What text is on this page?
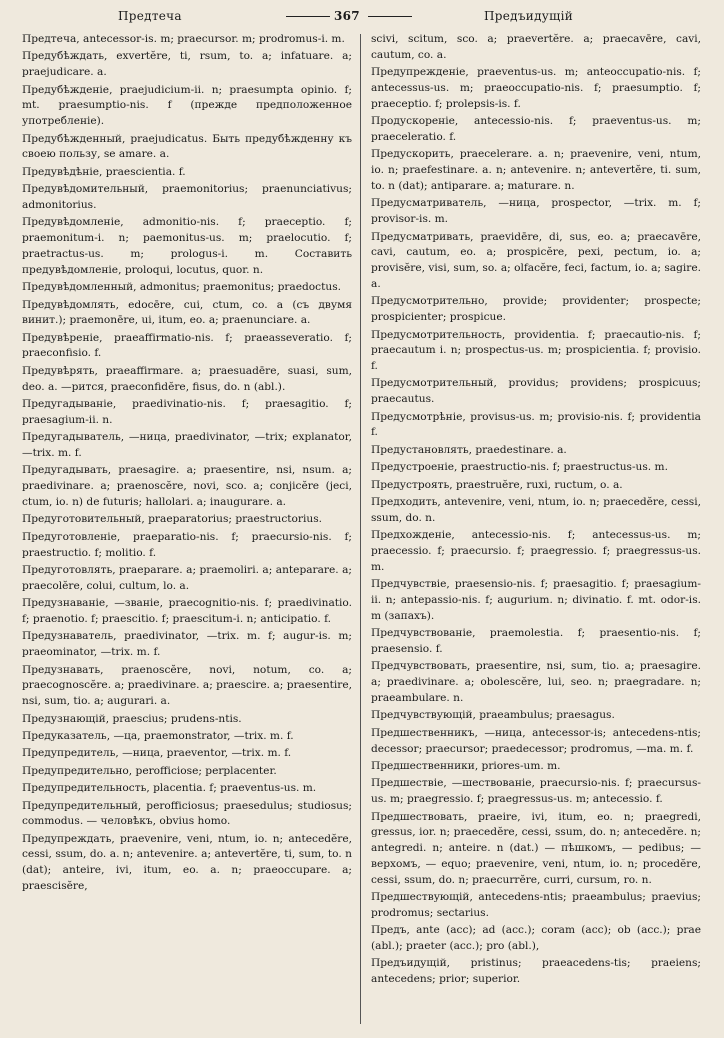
Предтеча	367	Предъидущій
Предтеча, antecessor-is. m; praecursor. m; prodromus-i. m.
Предубѣждать, exvertĕre, ti, rsum, to. a; infatuare. a; praejudicare. a.
Предубѣжденіе, praejudicium-ii. n; praesumpta opinio. f; mt. praesumptio-nis. f (прежде предположенное употребленіе).
Предубѣжденный, praejudicatus. Быть предубѣжденну къ своею пользу, se amare. a.
Предувѣдѣніе, praescientia. f.
Предувѣдомительный, praemonitorius; praenunciativus; admonitorius.
Предувѣдомленіе, admonitio-nis. f; praeceptio. f; praemonitum-i. n; paemonitus-us. m; praelocutio. f; praetractus-us. m; prologus-i. m. Составить предувѣдомленіе, proloqui, locutus, quor. n.
Предувѣдомленный, admonitus; praemonitus; praedoctus.
Предувѣдомлять, edocēre, cui, ctum, co. a (съ двумя винит.); praemonēre, ui, itum, eo. a; praenunciare. a.
Предувѣреніе, praeaffirmatio-nis. f; praeasseveratio. f; praeconfisio. f.
Предувѣрять, praeaffirmare. a; praesuadēre, suasi, sum, deo. a. —рится, praeconfidĕre, fisus, do. n (abl.).
Предугадываніе, praedivinatio-nis. f; praesagitio. f; praesagium-ii. n.
Предугадыватель, —ница, praedivinator, —trix; explanator, —trix. m. f.
Предугадывать, praesagire. a; praesentire, nsi, nsum. a; praedivinare. a; praenoscĕre, novi, sco. a; conjicĕre (jeci, ctum, io. n) de futuris; hallolari. a; inaugurare. a.
Предуготовительный, praeparatorius; praestructorius.
Предуготовленіе, praeparatio-nis. f; praecursio-nis. f; praestructio. f; molitio. f.
Предуготовлять, praeparare. a; praemoliri. a; anteparare. a; praecolĕre, colui, cultum, lo. a.
Предузнаваніе, —званіе, praecognitio-nis. f; praedivinatio. f; praenotio. f; praescitio. f; praescitum-i. n; anticipatio. f.
Предузнаватель, praedivinator, —trix. m. f; augur-is. m; praeominator, —trix. m. f.
Предузнавать, praenoscĕre, novi, notum, co. a; praecognoscĕre. a; praedivinare. a; praescire. a; praesentire, nsi, sum, tio. a; augurari. a.
Предузнающій, praescius; prudens-ntis.
Предуказатель, —ца, praemonstrator, —trix. m. f.
Предупредитель, —ница, praeventor, —trix. m. f.
Предупредительно, perofficiose; perplacenter.
Предупредительность, placentia. f; praeventus-us. m.
Предупредительный, perofficiosus; praesedulus; studiosus; commodus. — человѣкъ, obvius homo.
Предупреждать, praevenire, veni, ntum, io. n; antecedĕre, cessi, ssum, do. a. n; antevenire. a; antevertĕre, ti, sum, to. n (dat); anteire, ivi, itum, eo. a. n; praeoccupare. a; praescisĕre,
scivi, scitum, sco. a; praevertĕre. a; praecavēre, cavi, cautum, co. a.
Предупрежденіе, praeventus-us. m; anteoccupatio-nis. f; antecessus-us. m; praeoccupatio-nis. f; praesumptio. f; praeceptio. f; prolepsis-is. f.
Продускореніе, antecessio-nis. f; praeventus-us. m; praeceleratio. f.
Предускорить, praecelerare. a. n; praevenire, veni, ntum, io. n; praefestinare. a. n; antevenire. n; antevertĕre, ti. sum, to. n (dat); antiparare. a; maturare. n.
Предусматриватель, —ница, prospector, —trix. m. f; provisor-is. m.
Предусматривать, praevidēre, di, sus, eo. a; praecavēre, cavi, cautum, eo. a; prospicĕre, pexi, pectum, io. a; provisĕre, visi, sum, so. a; olfacĕre, feci, factum, io. a; sagire. a.
Предусмотрительно, provide; providenter; prospecte; prospicienter; prospicue.
Предусмотрительность, providentia. f; praecautio-nis. f; praecautum i. n; prospectus-us. m; prospicientia. f; provisio. f.
Предусмотрительный, providus; providens; prospicuus; praecautus.
Предусмотрѣніе, provisus-us. m; provisio-nis. f; providentia f.
Предустановлять, praedestinare. a.
Предустроеніе, praestructio-nis. f; praestructus-us. m.
Предустроять, praestruĕre, ruxi, ructum, o. a.
Предходить, antevenire, veni, ntum, io. n; praecedĕre, cessi, ssum, do. n.
Предхожденіе, antecessio-nis. f; antecessus-us. m; praecessio. f; praecursio. f; praegressio. f; praegressus-us. m.
Предчувствіе, praesensio-nis. f; praesagitio. f; praesagium-ii. n; antepassio-nis. f; augurium. n; divinatio. f. mt. odor-is. m (запахъ).
Предчувствованіе, praemolestia. f; praesentio-nis. f; praesensio. f.
Предчувствовать, praesentire, nsi, sum, tio. a; praesagire. a; praedivinare. a; obolescĕre, lui, seo. n; praegradare. n; praeambulare. n.
Предчувствующій, praeambulus; praesagus.
Предшественникъ, —ница, antecessor-is; antecedens-ntis; decessor; praecursor; praedecessor; prodromus, —ma. m. f.
Предшественники, priores-um. m.
Предшествіе, —шествованіе, praecursio-nis. f; praecursus-us. m; praegressio. f; praegressus-us. m; antecessio. f.
Предшествовать, praeire, ivi, itum, eo. n; praegredi, gressus, ior. n; praecedĕre, cessi, ssum, do. n; antecedĕre. n; antegredi. n; anteire. n (dat.) — пѣшкомъ, — pedibus; — верхомъ, — equo; praevenire, veni, ntum, io. n; procedĕre, cessi, ssum, do. n; praecurrĕre, curri, cursum, ro. n.
Предшествующій, antecedens-ntis; praeambulus; praevius; prodromus; sectarius.
Предъ, ante (acc); ad (acc.); coram (acc); ob (acc.); prae (abl.); praeter (acc.); pro (abl.),
Предъидущій, pristinus; praeacedens-tis; praeiens; antecedens; prior; superior.
